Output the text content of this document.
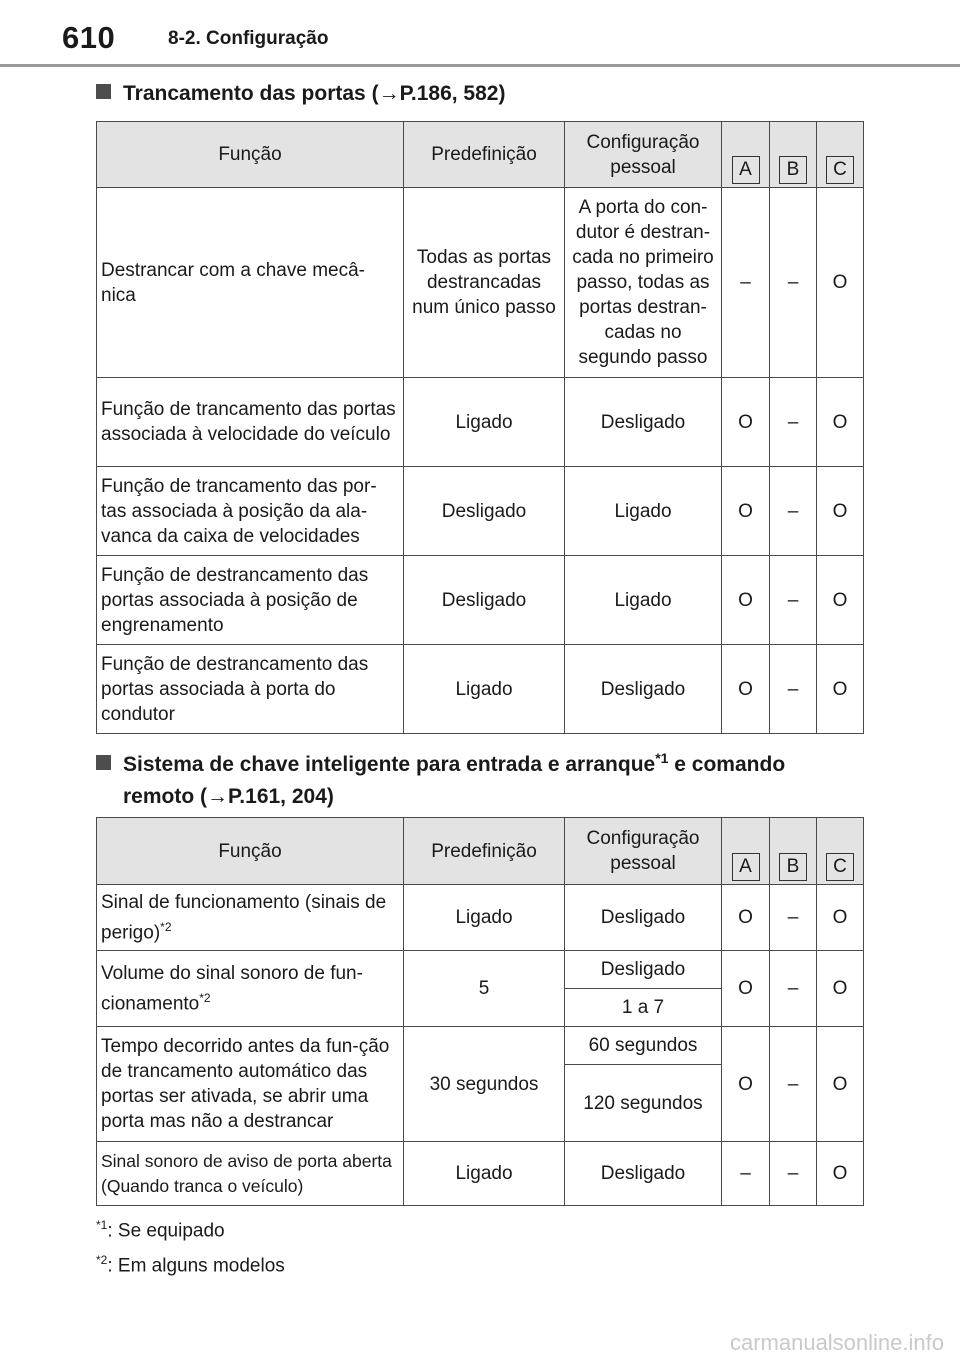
610	8-2. Configuração
Trancamento das portas (→P.186, 582)
Função	Predefinição	Configuração pessoal	A	B	C

Destrancar com a chave mecâ-nica	Todas as portas destrancadas num único passo	A porta do con-dutor é destran-cada no primeiro passo, todas as portas destran-cadas no segundo passo	–	–	O
Função de trancamento das portas associada à velocidade do veículo	Ligado	Desligado	O	–	O
Função de trancamento das por-tas associada à posição da ala-vanca da caixa de velocidades	Desligado	Ligado	O	–	O
Função de destrancamento das portas associada à posição de engrenamento	Desligado	Ligado	O	–	O
Função de destrancamento das portas associada à porta do condutor	Ligado	Desligado	O	–	O
Sistema de chave inteligente para entrada e arranque$^{*1}$ e comando
remoto (→P.161, 204)
Função	Predefinição	Configuração pessoal	A	B	C

Sinal de funcionamento (sinais de perigo)$^{*2}$	Ligado	Desligado	O	–	O
Volume do sinal sonoro de fun-cionamento$^{*2}$	5	Desligado	O	–	O
		1 a 7			
Tempo decorrido antes da fun-ção de trancamento automático das portas ser ativada, se abrir uma porta mas não a destrancar	30 segundos	60 segundos	O	–	O
		120 segundos			
Sinal sonoro de aviso de porta aberta (Quando tranca o veículo)	Ligado	Desligado	–	–	O
$^{*1}$: Se equipado
$^{*2}$: Em alguns modelos
carmanualsonline.info
